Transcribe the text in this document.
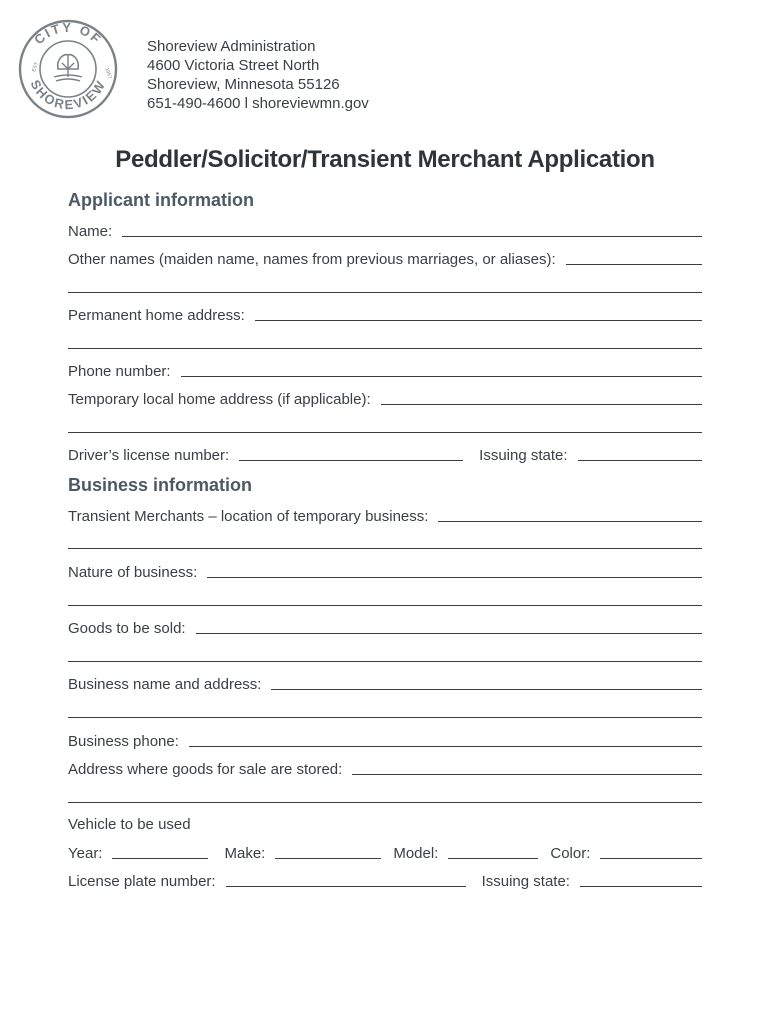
CITY OF
SHOREVIEW
EST.
1957
Shoreview Administration
4600 Victoria Street North
Shoreview, Minnesota 55126
651-490-4600 l shoreviewmn.gov
Peddler/Solicitor/Transient Merchant Application
Applicant information
Name:
Other names (maiden name, names from previous marriages, or aliases):
Permanent home address:
Phone number:
Temporary local home address (if applicable):
Driver’s license number:	Issuing state:
Business information
Transient Merchants – location of temporary business:
Nature of business:
Goods to be sold:
Business name and address:
Business phone:
Address where goods for sale are stored:
Vehicle to be used
Year:	Make:	Model:	Color:
License plate number:	Issuing state:
